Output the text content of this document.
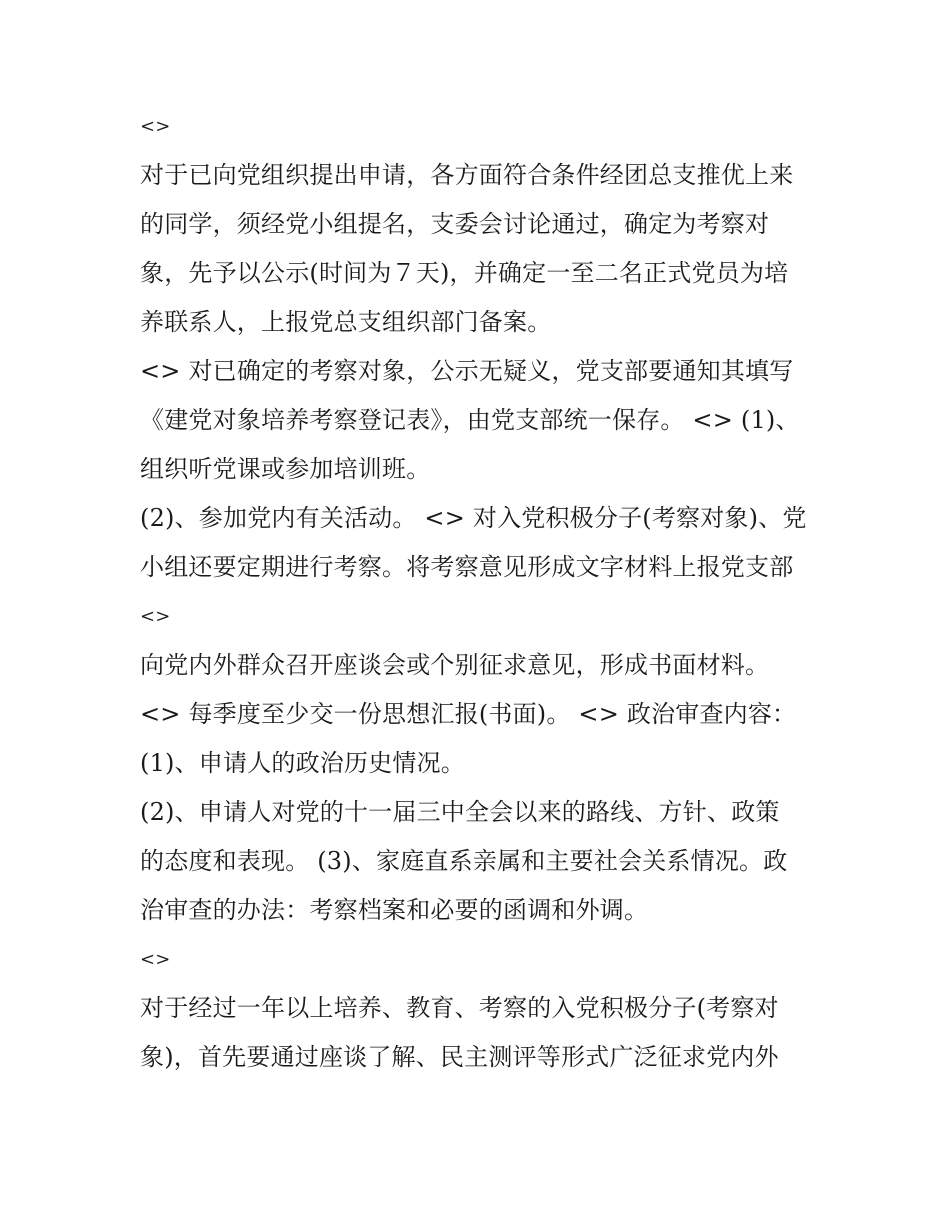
<>
对于已向党组织提出申请，各方面符合条件经团总支推优上来
的同学，须经党小组提名，支委会讨论通过，确定为考察对
象，先予以公示(时间为７天)，并确定一至二名正式党员为培
养联系人，上报党总支组织部门备案。
<> 对已确定的考察对象，公示无疑义，党支部要通知其填写
《建党对象培养考察登记表》，由党支部统一保存。 <> (1)、
组织听党课或参加培训班。
(2)、参加党内有关活动。 <> 对入党积极分子(考察对象)、党
小组还要定期进行考察。将考察意见形成文字材料上报党支部
<>
向党内外群众召开座谈会或个别征求意见，形成书面材料。
<> 每季度至少交一份思想汇报(书面)。 <> 政治审查内容：
(1)、申请人的政治历史情况。
(2)、申请人对党的十一届三中全会以来的路线、方针、政策
的态度和表现。 (3)、家庭直系亲属和主要社会关系情况。政
治审查的办法：考察档案和必要的函调和外调。
<>
对于经过一年以上培养、教育、考察的入党积极分子(考察对
象)，首先要通过座谈了解、民主测评等形式广泛征求党内外
